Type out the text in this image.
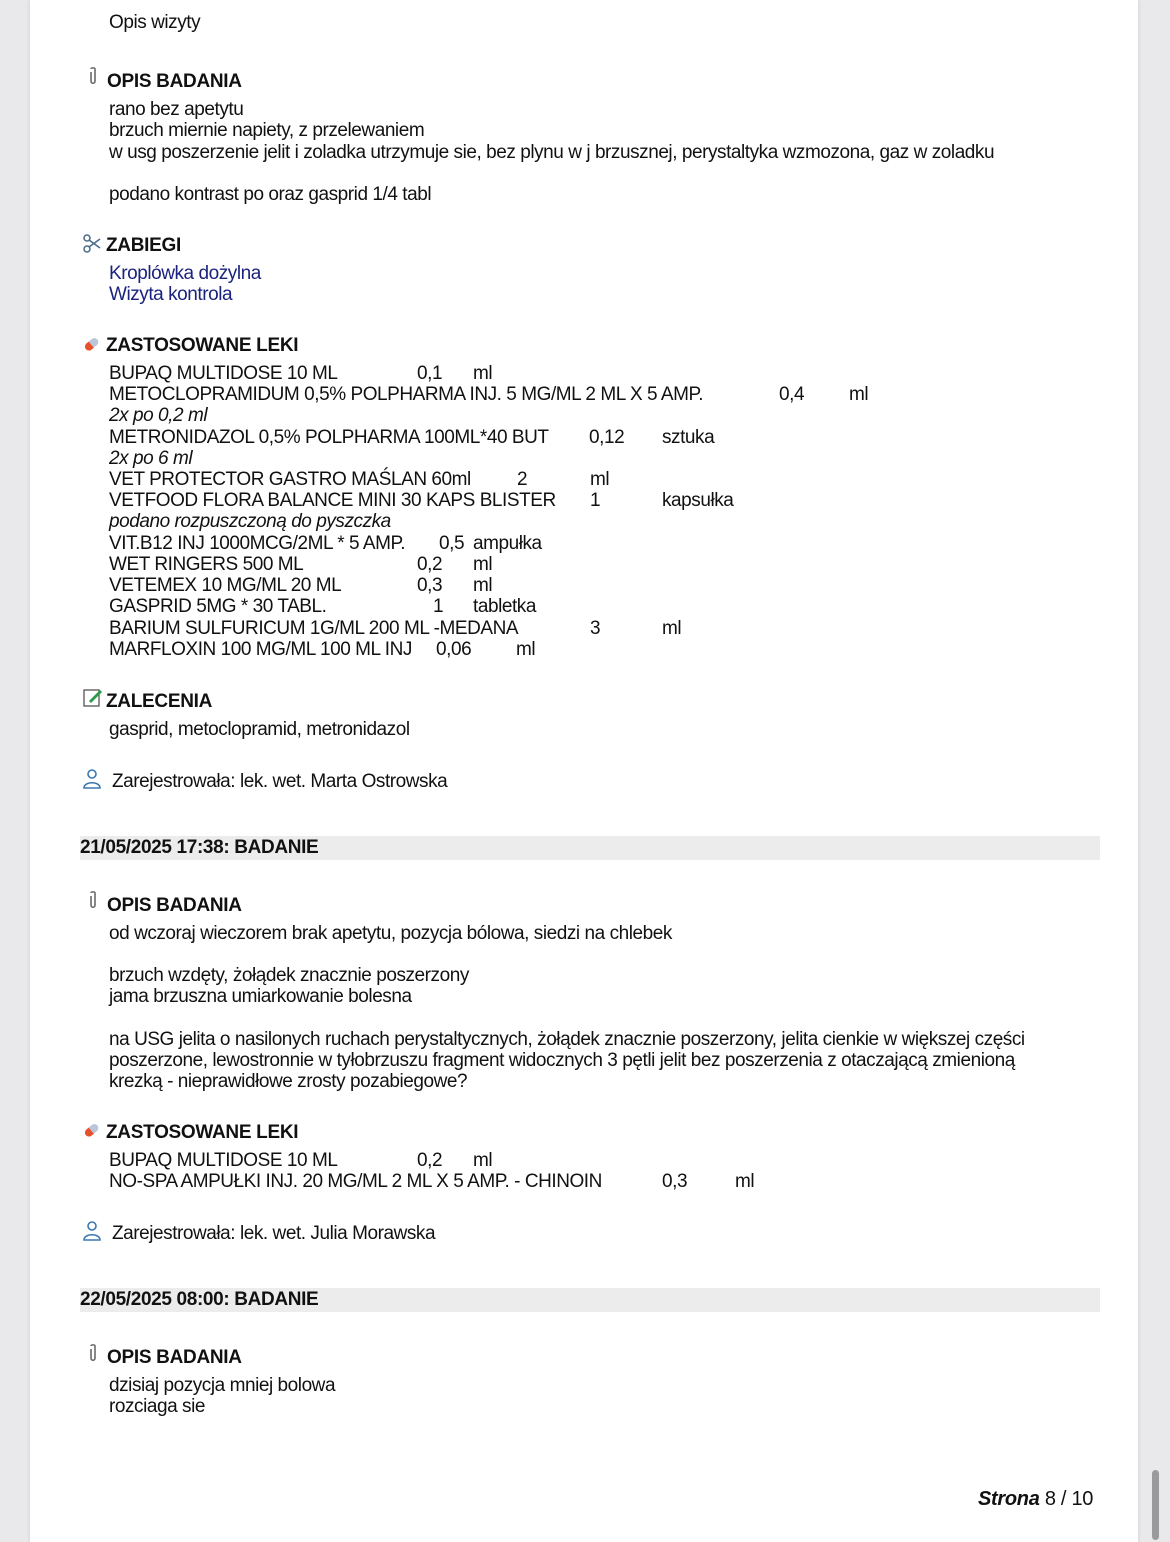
Opis wizyty
OPIS BADANIA
rano bez apetytu
brzuch miernie napiety, z przelewaniem
w usg poszerzenie jelit i zoladka utrzymuje sie, bez plynu w j brzusznej, perystaltyka wzmozona, gaz w zoladku
podano kontrast po oraz gasprid 1/4 tabl
ZABIEGI
Kroplówka dożylna
Wizyta kontrola
ZASTOSOWANE LEKI
BUPAQ MULTIDOSE 10 ML	0,1 ml
METOCLOPRAMIDUM 0,5% POLPHARMA INJ. 5 MG/ML 2 ML X 5 AMP.	0,4 ml
2x po 0,2 ml
METRONIDAZOL 0,5% POLPHARMA 100ML*40 BUT 0,12 sztuka
2x po 6 ml
VET PROTECTOR GASTRO MAŚLAN 60ml 2	ml
VETFOOD FLORA BALANCE MINI 30 KAPS BLISTER 1	kapsułka
podano rozpuszczoną do pyszczka
VIT.B12 INJ 1000MCG/2ML * 5 AMP. 0,5 ampułka
WET RINGERS 500 ML	0,2 ml
VETEMEX 10 MG/ML 20 ML	0,3 ml
GASPRID 5MG * 30 TABL.	1 tabletka
BARIUM SULFURICUM 1G/ML 200 ML -MEDANA	3	ml
MARFLOXIN 100 MG/ML 100 ML INJ 0,06 ml
ZALECENIA
gasprid, metoclopramid, metronidazol
Zarejestrowała: lek. wet. Marta Ostrowska
21/05/2025 17:38: BADANIE
OPIS BADANIA
od wczoraj wieczorem brak apetytu, pozycja bólowa, siedzi na chlebek
brzuch wzdęty, żołądek znacznie poszerzony
jama brzuszna umiarkowanie bolesna
na USG jelita o nasilonych ruchach perystaltycznych, żołądek znacznie poszerzony, jelita cienkie w większej części
poszerzone, lewostronnie w tyłobrzuszu fragment widocznych 3 pętli jelit bez poszerzenia z otaczającą zmienioną
krezką - nieprawidłowe zrosty pozabiegowe?
ZASTOSOWANE LEKI
BUPAQ MULTIDOSE 10 ML	0,2 ml
NO-SPA AMPUŁKI INJ. 20 MG/ML 2 ML X 5 AMP. - CHINOIN	0,3	ml
Zarejestrowała: lek. wet. Julia Morawska
22/05/2025 08:00: BADANIE
OPIS BADANIA
dzisiaj pozycja mniej bolowa
rozciaga sie
Strona 8 / 10
